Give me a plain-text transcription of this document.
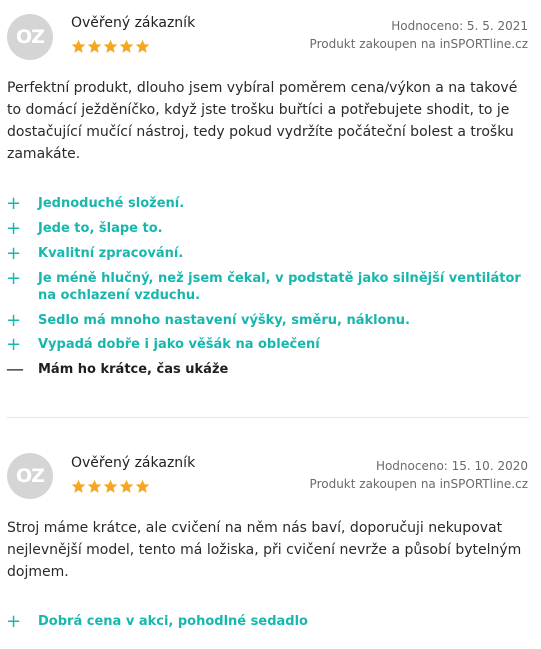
OZ
Ověřený zákazník	Hodnoceno: 5. 5. 2021
Produkt zakoupen na inSPORTline.cz
Perfektní produkt, dlouho jsem vybíral poměrem cena/výkon a na takové to domácí ježděníčko, když jste trošku buřtíci a potřebujete shodit, to je dostačující mučící nástroj, tedy pokud vydržíte počáteční bolest a trošku zamakáte.
+ Jednoduché složení.
+ Jede to, šlape to.
+ Kvalitní zpracování.
+ Je méně hlučný, než jsem čekal, v podstatě jako silnější ventilátor na ochlazení vzduchu.
+ Sedlo má mnoho nastavení výšky, směru, náklonu.
+ Vypadá dobře i jako věšák na oblečení
— Mám ho krátce, čas ukáže
OZ
Ověřený zákazník	Hodnoceno: 15. 10. 2020
Produkt zakoupen na inSPORTline.cz
Stroj máme krátce, ale cvičení na něm nás baví, doporučuji nekupovat nejlevnější model, tento má ložiska, při cvičení nevrže a působí bytelným dojmem.
+ Dobrá cena v akci, pohodlné sedadlo
